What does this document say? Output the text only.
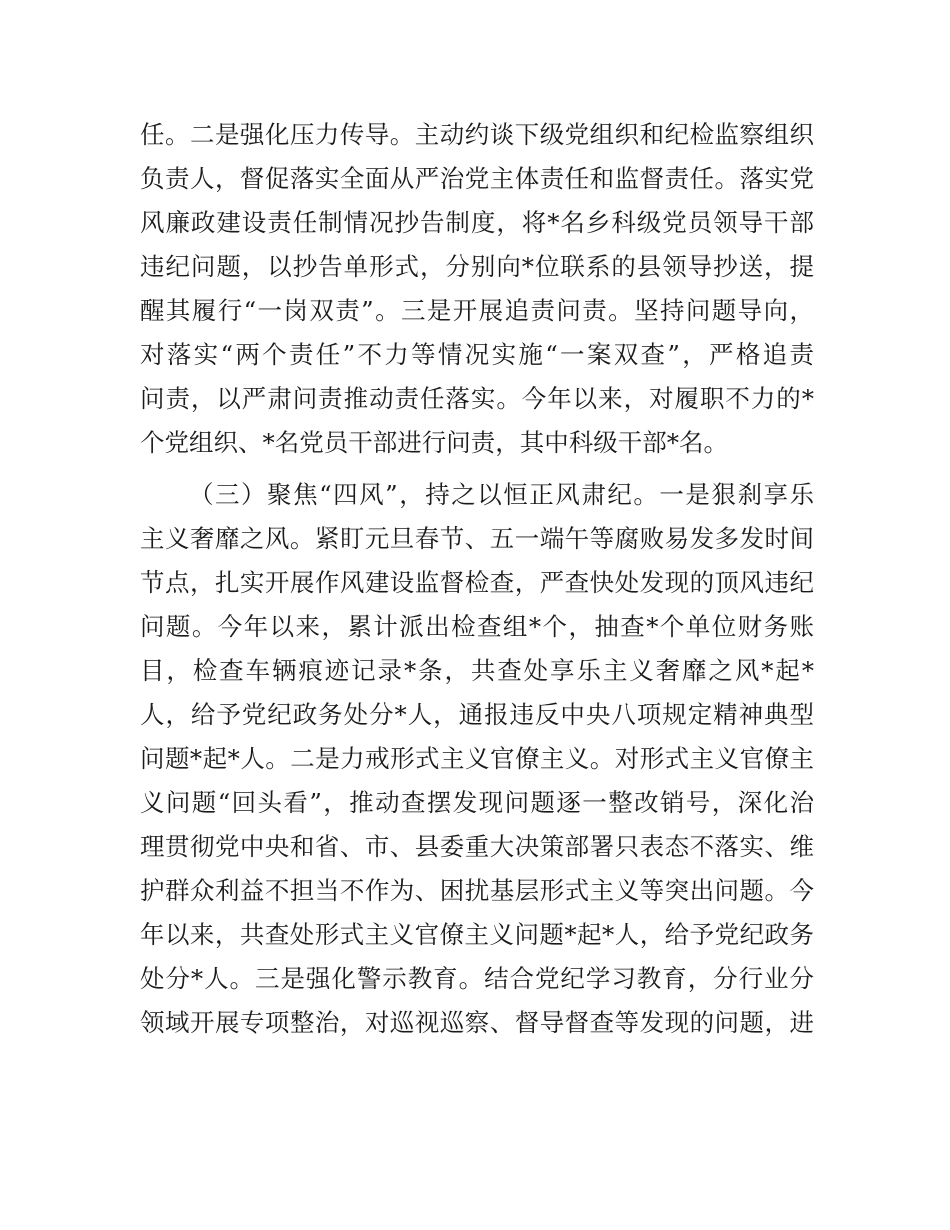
任。二是强化压力传导。主动约谈下级党组织和纪检监察组织
负责人，督促落实全面从严治党主体责任和监督责任。落实党
风廉政建设责任制情况抄告制度，将*名乡科级党员领导干部
违纪问题，以抄告单形式，分别向*位联系的县领导抄送，提
醒其履行“一岗双责”。三是开展追责问责。坚持问题导向，
对落实“两个责任”不力等情况实施“一案双查”，严格追责
问责，以严肃问责推动责任落实。今年以来，对履职不力的*
个党组织、*名党员干部进行问责，其中科级干部*名。
（三）聚焦“四风”，持之以恒正风肃纪。一是狠刹享乐
主义奢靡之风。紧盯元旦春节、五一端午等腐败易发多发时间
节点，扎实开展作风建设监督检查，严查快处发现的顶风违纪
问题。今年以来，累计派出检查组*个，抽查*个单位财务账
目，检查车辆痕迹记录*条，共查处享乐主义奢靡之风*起*
人，给予党纪政务处分*人，通报违反中央八项规定精神典型
问题*起*人。二是力戒形式主义官僚主义。对形式主义官僚主
义问题“回头看”，推动查摆发现问题逐一整改销号，深化治
理贯彻党中央和省、市、县委重大决策部署只表态不落实、维
护群众利益不担当不作为、困扰基层形式主义等突出问题。今
年以来，共查处形式主义官僚主义问题*起*人，给予党纪政务
处分*人。三是强化警示教育。结合党纪学习教育，分行业分
领域开展专项整治，对巡视巡察、督导督查等发现的问题，进
